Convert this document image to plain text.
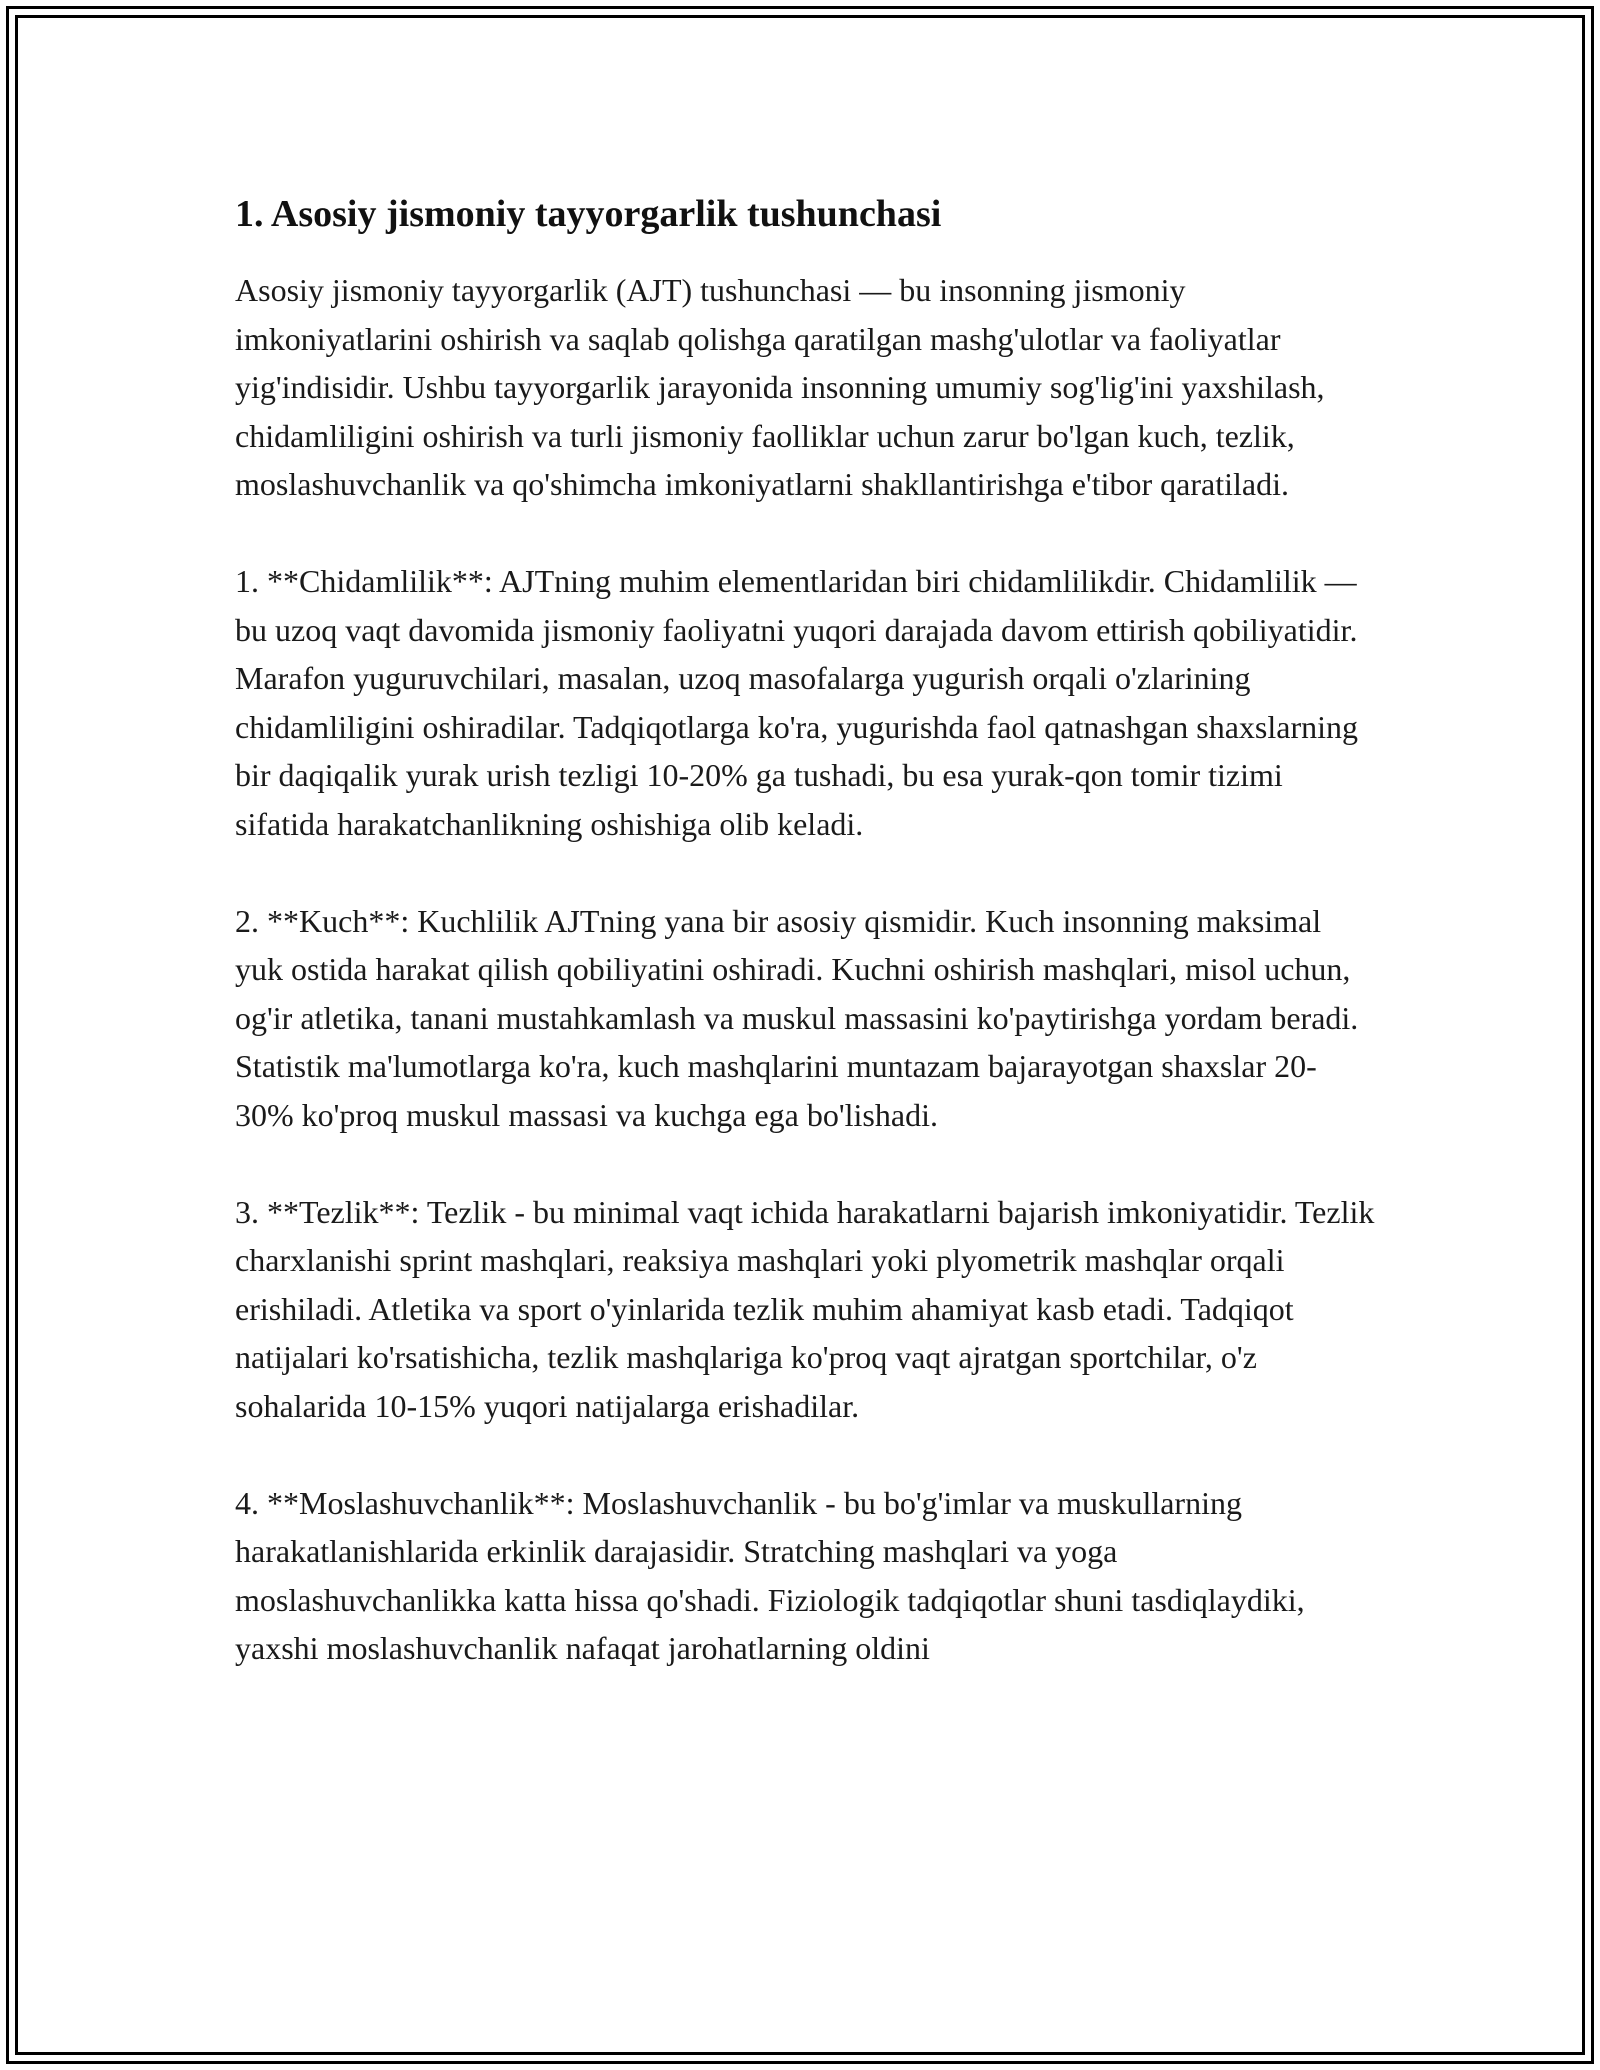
1. Asosiy jismoniy tayyorgarlik tushunchasi

Asosiy jismoniy tayyorgarlik (AJT) tushunchasi — bu insonning jismoniy imkoniyatlarini oshirish va saqlab qolishga qaratilgan mashg'ulotlar va faoliyatlar yig'indisidir. Ushbu tayyorgarlik jarayonida insonning umumiy sog'lig'ini yaxshilash, chidamliligini oshirish va turli jismoniy faolliklar uchun zarur bo'lgan kuch, tezlik, moslashuvchanlik va qo'shimcha imkoniyatlarni shakllantirishga e'tibor qaratiladi.

1. **Chidamlilik**: AJTning muhim elementlaridan biri chidamlilikdir. Chidamlilik — bu uzoq vaqt davomida jismoniy faoliyatni yuqori darajada davom ettirish qobiliyatidir. Marafon yuguruvchilari, masalan, uzoq masofalarga yugurish orqali o'zlarining chidamliligini oshiradilar. Tadqiqotlarga ko'ra, yugurishda faol qatnashgan shaxslarning bir daqiqalik yurak urish tezligi 10-20% ga tushadi, bu esa yurak-qon tomir tizimi sifatida harakatchanlikning oshishiga olib keladi.

2. **Kuch**: Kuchlilik AJTning yana bir asosiy qismidir. Kuch insonning maksimal yuk ostida harakat qilish qobiliyatini oshiradi. Kuchni oshirish mashqlari, misol uchun, og'ir atletika, tanani mustahkamlash va muskul massasini ko'paytirishga yordam beradi. Statistik ma'lumotlarga ko'ra, kuch mashqlarini muntazam bajarayotgan shaxslar 20-30% ko'proq muskul massasi va kuchga ega bo'lishadi.

3. **Tezlik**: Tezlik - bu minimal vaqt ichida harakatlarni bajarish imkoniyatidir. Tezlik charxlanishi sprint mashqlari, reaksiya mashqlari yoki plyometrik mashqlar orqali erishiladi. Atletika va sport o'yinlarida tezlik muhim ahamiyat kasb etadi. Tadqiqot natijalari ko'rsatishicha, tezlik mashqlariga ko'proq vaqt ajratgan sportchilar, o'z sohalarida 10-15% yuqori natijalarga erishadilar.

4. **Moslashuvchanlik**: Moslashuvchanlik - bu bo'g'imlar va muskullarning harakatlanishlarida erkinlik darajasidir. Stratching mashqlari va yoga moslashuvchanlikka katta hissa qo'shadi. Fiziologik tadqiqotlar shuni tasdiqlaydiki, yaxshi moslashuvchanlik nafaqat jarohatlarning oldini
